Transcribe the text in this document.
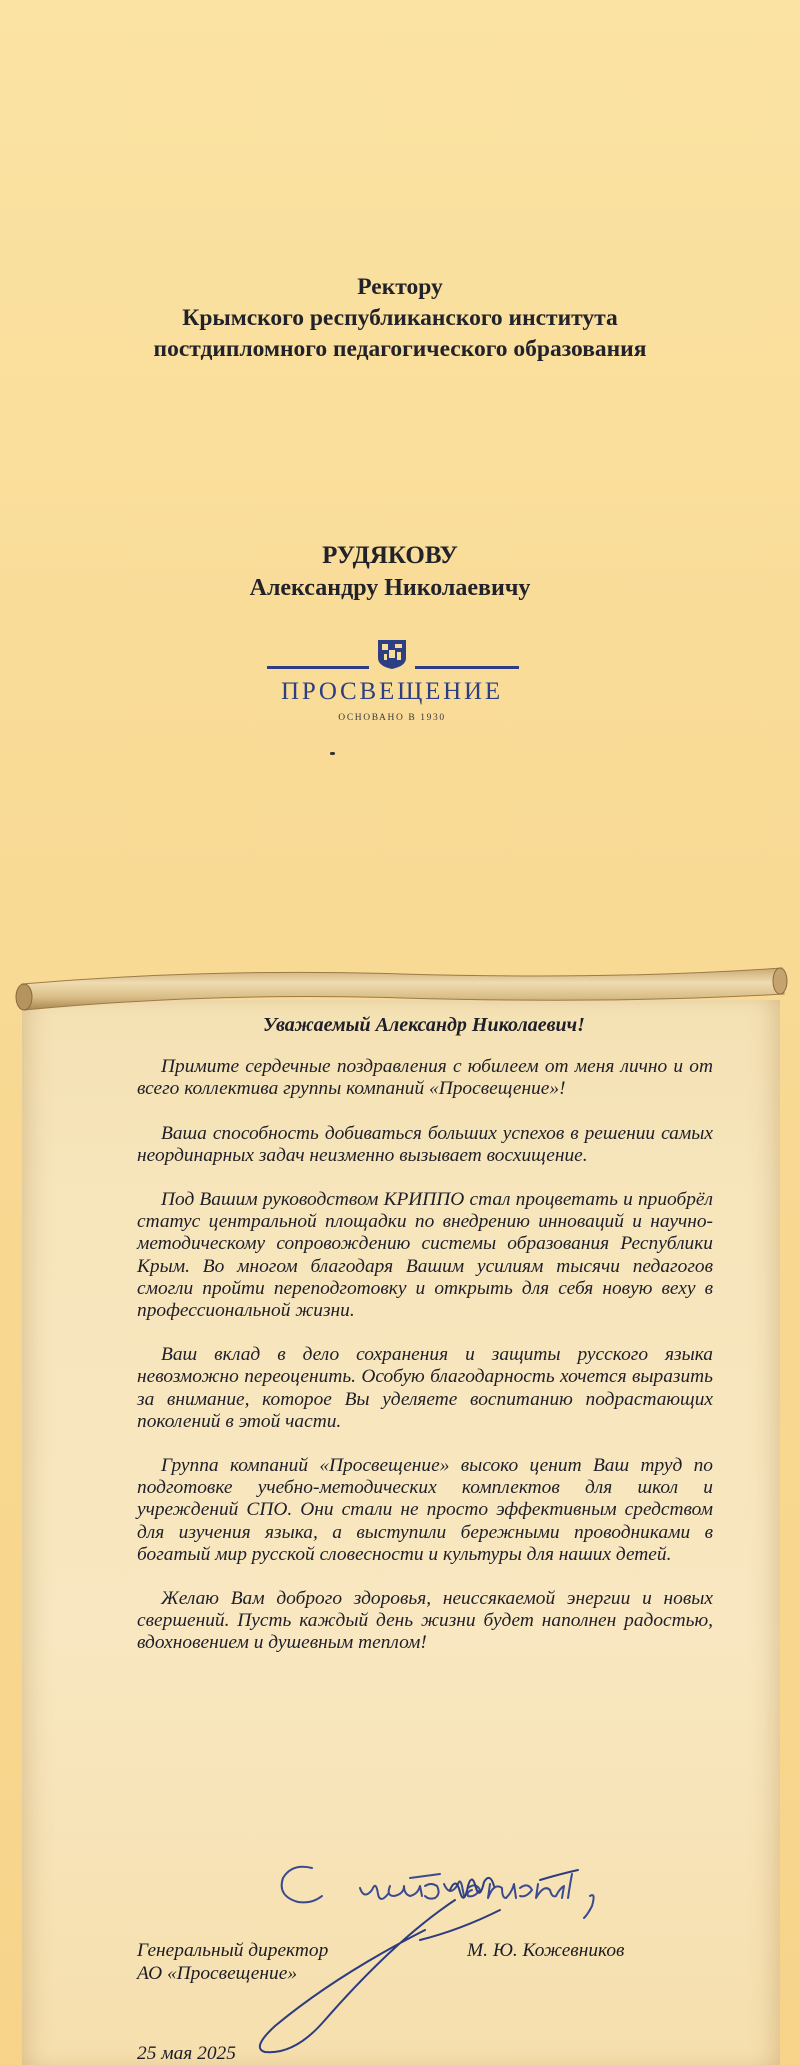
Ректору
Крымского республиканского института
постдипломного педагогического образования
РУДЯКОВУ
Александру Николаевичу
ПРОСВЕЩЕНИЕ
ОСНОВАНО В 1930
Уважаемый Александр Николаевич!

Примите сердечные поздравления с юбилеем от меня лично и от всего коллектива группы компаний «Просвещение»!

Ваша способность добиваться больших успехов в решении самых неординарных задач неизменно вызывает восхищение.

Под Вашим руководством КРИППО стал процветать и приобрёл статус центральной площадки по внедрению инноваций и научно-методическому сопровождению системы образования Республики Крым. Во многом благодаря Вашим усилиям тысячи педагогов смогли пройти переподготовку и открыть для себя новую веху в профессиональной жизни.

Ваш вклад в дело сохранения и защиты русского языка невозможно переоценить. Особую благодарность хочется выразить за внимание, которое Вы уделяете воспитанию подрастающих поколений в этой части.

Группа компаний «Просвещение» высоко ценит Ваш труд по подготовке учебно-методических комплектов для школ и учреждений СПО. Они стали не просто эффективным средством для изучения языка, а выступили бережными проводниками в богатый мир русской словесности и культуры для наших детей.

Желаю Вам доброго здоровья, неиссякаемой энергии и новых свершений. Пусть каждый день жизни будет наполнен радостью, вдохновением и душевным теплом!

Генеральный директор
АО «Просвещение»
М. Ю. Кожевников
25 мая 2025
